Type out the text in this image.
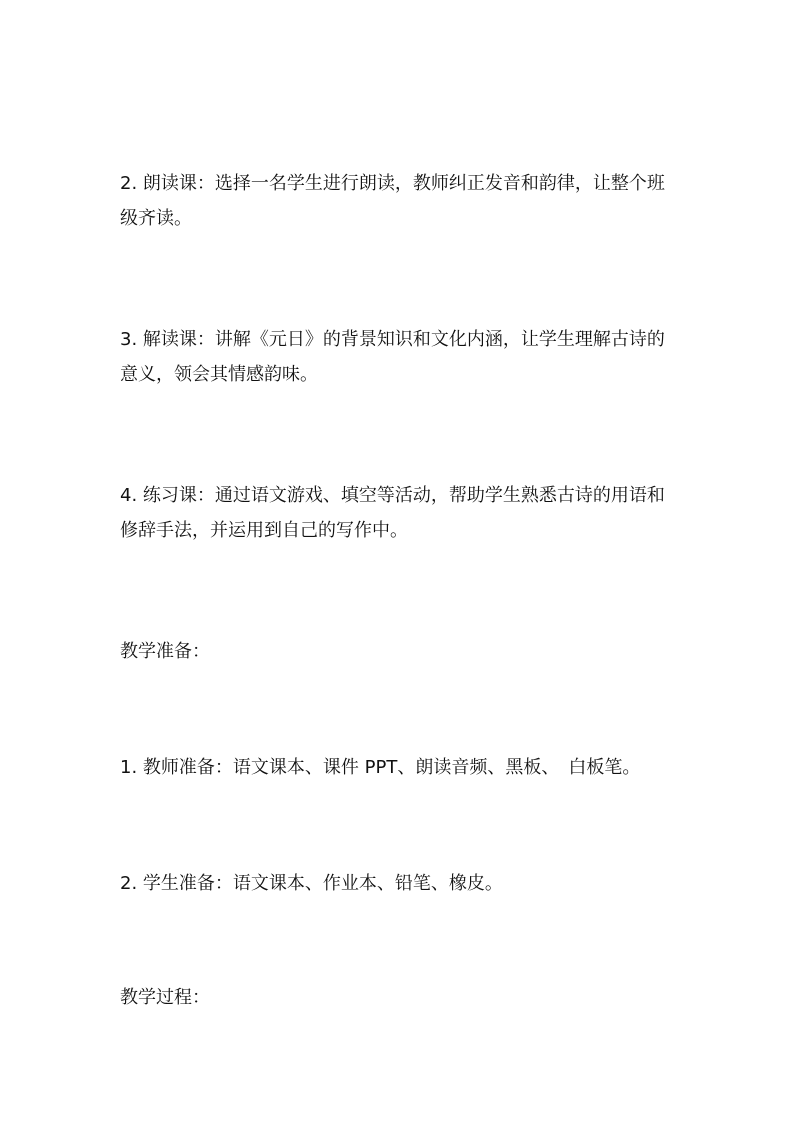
2. 朗读课：选择一名学生进行朗读，教师纠正发音和韵律，让整个班级齐读。

3. 解读课：讲解《元日》的背景知识和文化内涵，让学生理解古诗的意义，领会其情感韵味。

4. 练习课：通过语文游戏、填空等活动，帮助学生熟悉古诗的用语和修辞手法，并运用到自己的写作中。

教学准备：

1. 教师准备：语文课本、课件 PPT、朗读音频、黑板、　白板笔。

2. 学生准备：语文课本、作业本、铅笔、橡皮。

教学过程：
